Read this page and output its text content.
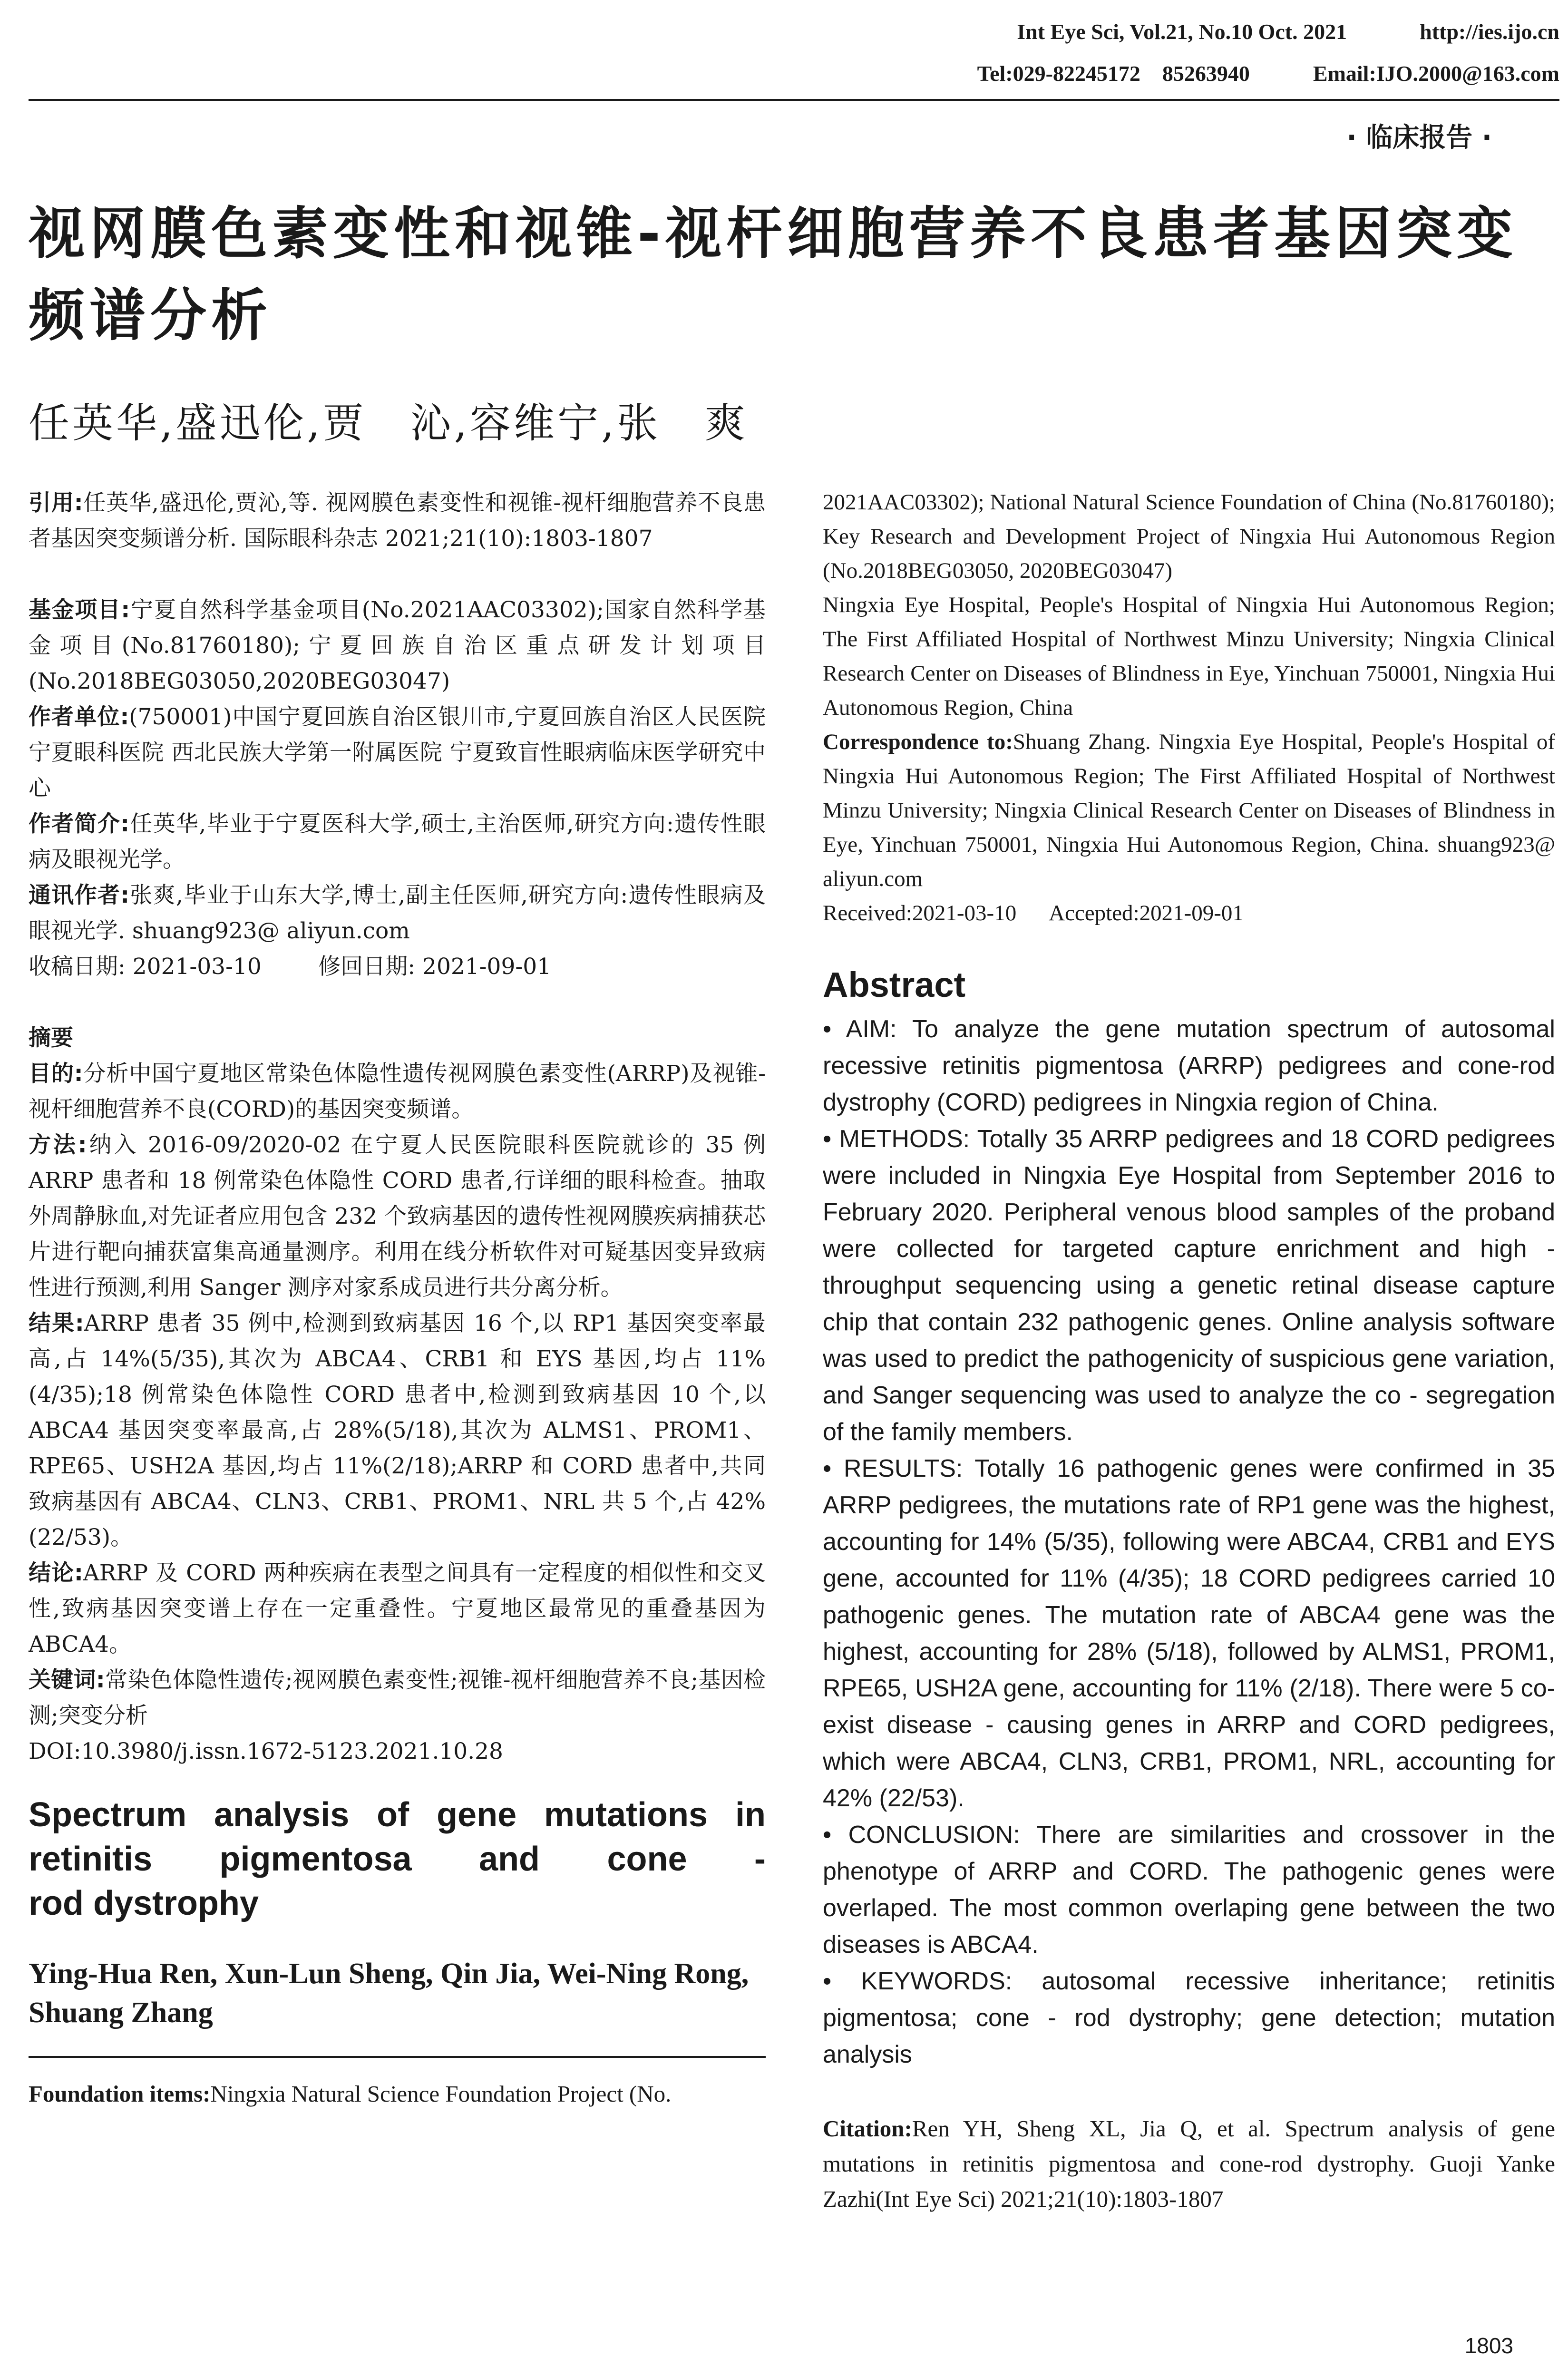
Int Eye Sci, Vol.21, No.10 Oct. 2021	http://ies.ijo.cn
Tel:029-82245172    85263940	Email:IJO.2000@163.com
· 临床报告 ·
视网膜色素变性和视锥-视杆细胞营养不良患者基因突变频谱分析
任英华,盛迅伦,贾　沁,容维宁,张　爽

引用:任英华,盛迅伦,贾沁,等. 视网膜色素变性和视锥-视杆细胞营养不良患者基因突变频谱分析. 国际眼科杂志 2021;21(10):1803-1807

基金项目:宁夏自然科学基金项目(No.2021AAC03302);国家自然科学基金项目(No.81760180);宁夏回族自治区重点研发计划项目(No.2018BEG03050,2020BEG03047)

作者单位:(750001)中国宁夏回族自治区银川市,宁夏回族自治区人民医院宁夏眼科医院 西北民族大学第一附属医院 宁夏致盲性眼病临床医学研究中心

作者简介:任英华,毕业于宁夏医科大学,硕士,主治医师,研究方向:遗传性眼病及眼视光学。

通讯作者:张爽,毕业于山东大学,博士,副主任医师,研究方向:遗传性眼病及眼视光学. shuang923@ aliyun.com

收稿日期: 2021-03-10        修回日期: 2021-09-01

摘要

目的:分析中国宁夏地区常染色体隐性遗传视网膜色素变性(ARRP)及视锥-视杆细胞营养不良(CORD)的基因突变频谱。

方法:纳入 2016-09/2020-02 在宁夏人民医院眼科医院就诊的 35 例 ARRP 患者和 18 例常染色体隐性 CORD 患者,行详细的眼科检查。抽取外周静脉血,对先证者应用包含 232 个致病基因的遗传性视网膜疾病捕获芯片进行靶向捕获富集高通量测序。利用在线分析软件对可疑基因变异致病性进行预测,利用 Sanger 测序对家系成员进行共分离分析。

结果:ARRP 患者 35 例中,检测到致病基因 16 个,以 RP1 基因突变率最高,占 14%(5/35),其次为 ABCA4、CRB1 和 EYS 基因,均占 11%(4/35);18 例常染色体隐性 CORD 患者中,检测到致病基因 10 个,以 ABCA4 基因突变率最高,占 28%(5/18),其次为 ALMS1、PROM1、RPE65、USH2A 基因,均占 11%(2/18);ARRP 和 CORD 患者中,共同致病基因有 ABCA4、CLN3、CRB1、PROM1、NRL 共 5 个,占 42%(22/53)。

结论:ARRP 及 CORD 两种疾病在表型之间具有一定程度的相似性和交叉性,致病基因突变谱上存在一定重叠性。宁夏地区最常见的重叠基因为 ABCA4。

关键词:常染色体隐性遗传;视网膜色素变性;视锥-视杆细胞营养不良;基因检测;突变分析

DOI:10.3980/j.issn.1672-5123.2021.10.28

Spectrum analysis of gene mutations in
retinitis pigmentosa and cone -
rod dystrophy
Ying-Hua Ren, Xun-Lun Sheng, Qin Jia, Wei-Ning Rong, Shuang Zhang
Foundation items:Ningxia Natural Science Foundation Project (No.
2021AAC03302); National Natural Science Foundation of China (No.81760180); Key Research and Development Project of Ningxia Hui Autonomous Region (No.2018BEG03050, 2020BEG03047)
Ningxia Eye Hospital, People's Hospital of Ningxia Hui Autonomous Region; The First Affiliated Hospital of Northwest Minzu University; Ningxia Clinical Research Center on Diseases of Blindness in Eye, Yinchuan 750001, Ningxia Hui Autonomous Region, China
Correspondence to:Shuang Zhang. Ningxia Eye Hospital, People's Hospital of Ningxia Hui Autonomous Region; The First Affiliated Hospital of Northwest Minzu University; Ningxia Clinical Research Center on Diseases of Blindness in Eye, Yinchuan 750001, Ningxia Hui Autonomous Region, China. shuang923@ aliyun.com
Received:2021-03-10      Accepted:2021-09-01
Abstract

• AIM: To analyze the gene mutation spectrum of autosomal recessive retinitis pigmentosa (ARRP) pedigrees and cone-rod dystrophy (CORD) pedigrees in Ningxia region of China.

• METHODS: Totally 35 ARRP pedigrees and 18 CORD pedigrees were included in Ningxia Eye Hospital from September 2016 to February 2020. Peripheral venous blood samples of the proband were collected for targeted capture enrichment and high - throughput sequencing using a genetic retinal disease capture chip that contain 232 pathogenic genes. Online analysis software was used to predict the pathogenicity of suspicious gene variation, and Sanger sequencing was used to analyze the co - segregation of the family members.

• RESULTS: Totally 16 pathogenic genes were confirmed in 35 ARRP pedigrees, the mutations rate of RP1 gene was the highest, accounting for 14% (5/35), following were ABCA4, CRB1 and EYS gene, accounted for 11% (4/35); 18 CORD pedigrees carried 10 pathogenic genes. The mutation rate of ABCA4 gene was the highest, accounting for 28% (5/18), followed by ALMS1, PROM1, RPE65, USH2A gene, accounting for 11% (2/18). There were 5 co-exist disease - causing genes in ARRP and CORD pedigrees, which were ABCA4, CLN3, CRB1, PROM1, NRL, accounting for 42% (22/53).

• CONCLUSION: There are similarities and crossover in the phenotype of ARRP and CORD. The pathogenic genes were overlaped. The most common overlaping gene between the two diseases is ABCA4.

• KEYWORDS: autosomal recessive inheritance; retinitis pigmentosa; cone - rod dystrophy; gene detection; mutation analysis

Citation:Ren YH, Sheng XL, Jia Q, et al. Spectrum analysis of gene mutations in retinitis pigmentosa and cone-rod dystrophy. Guoji Yanke Zazhi(Int Eye Sci) 2021;21(10):1803-1807
1803
